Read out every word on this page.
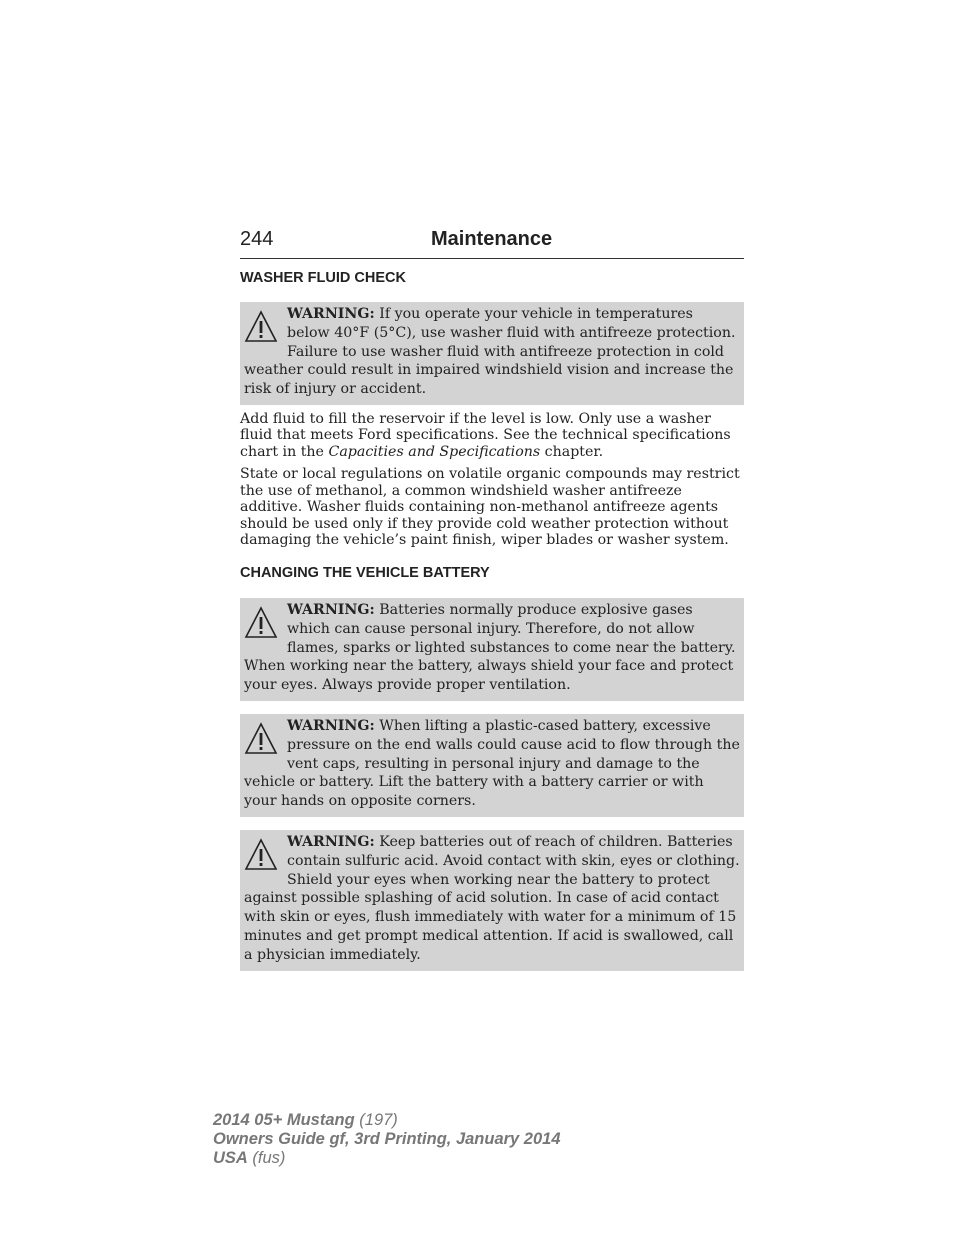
244	Maintenance
WASHER FLUID CHECK
WARNING: If you operate your vehicle in temperatures below 40°F (5°C), use washer fluid with antifreeze protection. Failure to use washer fluid with antifreeze protection in cold weather could result in impaired windshield vision and increase the risk of injury or accident.

Add fluid to fill the reservoir if the level is low. Only use a washer fluid that meets Ford specifications. See the technical specifications chart in the Capacities and Specifications chapter.

State or local regulations on volatile organic compounds may restrict the use of methanol, a common windshield washer antifreeze additive. Washer fluids containing non-methanol antifreeze agents should be used only if they provide cold weather protection without damaging the vehicle’s paint finish, wiper blades or washer system.

CHANGING THE VEHICLE BATTERY
WARNING: Batteries normally produce explosive gases which can cause personal injury. Therefore, do not allow flames, sparks or lighted substances to come near the battery. When working near the battery, always shield your face and protect your eyes. Always provide proper ventilation.
WARNING: When lifting a plastic-cased battery, excessive pressure on the end walls could cause acid to flow through the vent caps, resulting in personal injury and damage to the vehicle or battery. Lift the battery with a battery carrier or with your hands on opposite corners.
WARNING: Keep batteries out of reach of children. Batteries contain sulfuric acid. Avoid contact with skin, eyes or clothing. Shield your eyes when working near the battery to protect against possible splashing of acid solution. In case of acid contact with skin or eyes, flush immediately with water for a minimum of 15 minutes and get prompt medical attention. If acid is swallowed, call a physician immediately.
2014 05+ Mustang (197)
Owners Guide gf, 3rd Printing, January 2014
USA (fus)
